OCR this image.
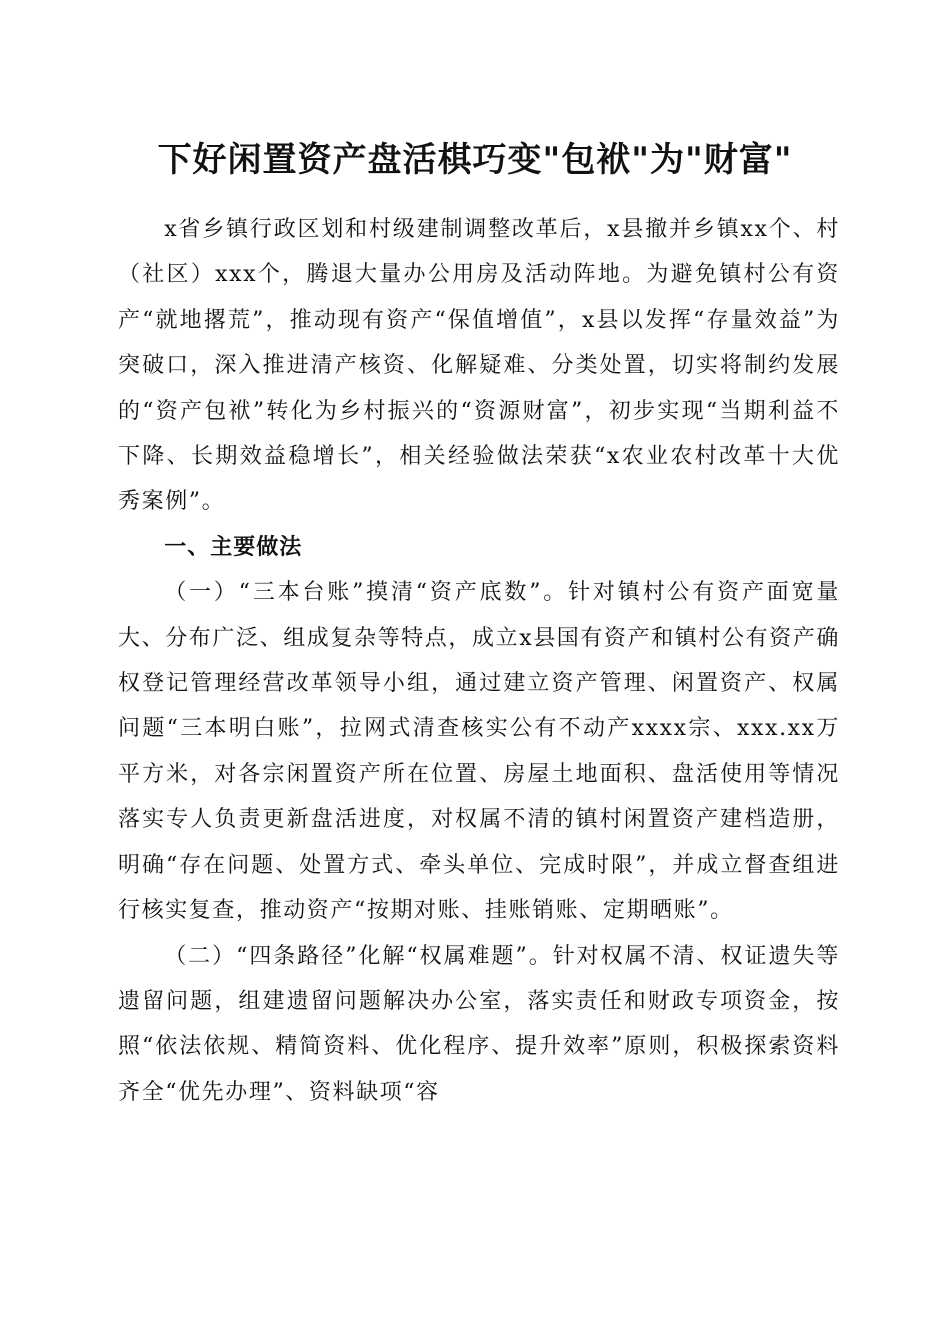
下好闲置资产盘活棋巧变"包袱"为"财富"

x省乡镇行政区划和村级建制调整改革后，x县撤并乡镇xx个、村（社区）xxx个，腾退大量办公用房及活动阵地。为避免镇村公有资产“就地撂荒”，推动现有资产“保值增值”，x县以发挥“存量效益”为突破口，深入推进清产核资、化解疑难、分类处置，切实将制约发展的“资产包袱”转化为乡村振兴的“资源财富”，初步实现“当期利益不下降、长期效益稳增长”，相关经验做法荣获“x农业农村改革十大优秀案例”。

一、主要做法

（一）“三本台账”摸清“资产底数”。针对镇村公有资产面宽量大、分布广泛、组成复杂等特点，成立x县国有资产和镇村公有资产确权登记管理经营改革领导小组，通过建立资产管理、闲置资产、权属问题“三本明白账”，拉网式清查核实公有不动产xxxx宗、xxx.xx万平方米，对各宗闲置资产所在位置、房屋土地面积、盘活使用等情况落实专人负责更新盘活进度，对权属不清的镇村闲置资产建档造册，明确“存在问题、处置方式、牵头单位、完成时限”，并成立督查组进行核实复查，推动资产“按期对账、挂账销账、定期晒账”。

（二）“四条路径”化解“权属难题”。针对权属不清、权证遗失等遗留问题，组建遗留问题解决办公室，落实责任和财政专项资金，按照“依法依规、精简资料、优化程序、提升效率”原则，积极探索资料齐全“优先办理”、资料缺项“容
